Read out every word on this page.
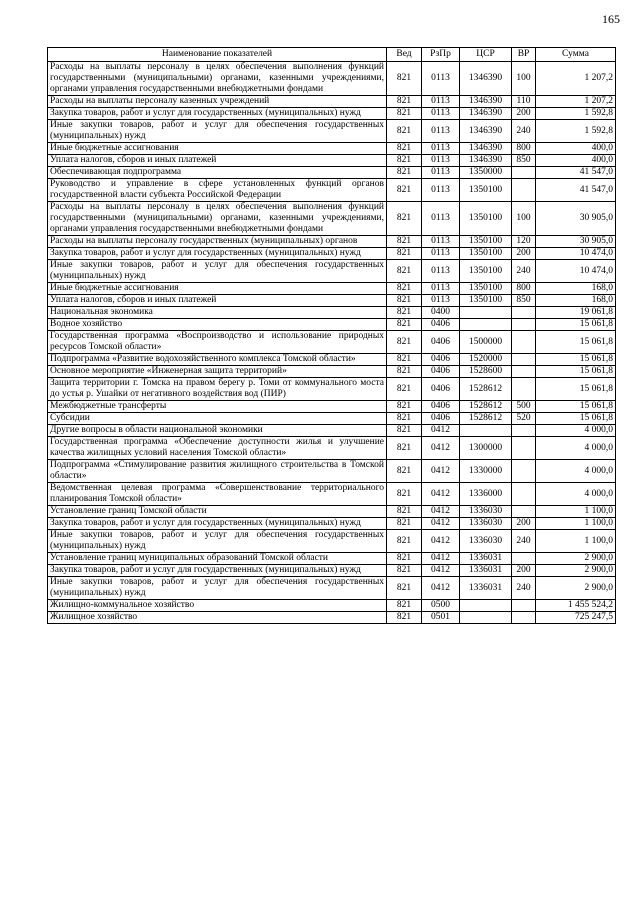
165
Наименование показателей	Вед	РзПр	ЦСР	ВР	Сумма
Расходы на выплаты персоналу в целях обеспечения выполнения функций государственными (муниципальными) органами, казенными учреждениями, органами управления государственными внебюджетными фондами	821	0113	1346390	100	1 207,2
Расходы на выплаты персоналу казенных учреждений	821	0113	1346390	110	1 207,2
Закупка товаров, работ и услуг для государственных (муниципальных) нужд	821	0113	1346390	200	1 592,8
Иные закупки товаров, работ и услуг для обеспечения государственных (муниципальных) нужд	821	0113	1346390	240	1 592,8
Иные бюджетные ассигнования	821	0113	1346390	800	400,0
Уплата налогов, сборов и иных платежей	821	0113	1346390	850	400,0
Обеспечивающая подпрограмма	821	0113	1350000		41 547,0
Руководство и управление в сфере установленных функций органов государственной власти субъекта Российской Федерации	821	0113	1350100		41 547,0
Расходы на выплаты персоналу в целях обеспечения выполнения функций государственными (муниципальными) органами, казенными учреждениями, органами управления государственными внебюджетными фондами	821	0113	1350100	100	30 905,0
Расходы на выплаты персоналу государственных (муниципальных) органов	821	0113	1350100	120	30 905,0
Закупка товаров, работ и услуг для государственных (муниципальных) нужд	821	0113	1350100	200	10 474,0
Иные закупки товаров, работ и услуг для обеспечения государственных (муниципальных) нужд	821	0113	1350100	240	10 474,0
Иные бюджетные ассигнования	821	0113	1350100	800	168,0
Уплата налогов, сборов и иных платежей	821	0113	1350100	850	168,0
Национальная экономика	821	0400			19 061,8
Водное хозяйство	821	0406			15 061,8
Государственная программа «Воспроизводство и использование природных ресурсов Томской области»	821	0406	1500000		15 061,8
Подпрограмма «Развитие водохозяйственного комплекса Томской области»	821	0406	1520000		15 061,8
Основное мероприятие «Инженерная защита территорий»	821	0406	1528600		15 061,8
Защита территории г. Томска на правом берегу р. Томи от коммунального моста до устья р. Ушайки от негативного воздействия вод (ПИР)	821	0406	1528612		15 061,8
Межбюджетные трансферты	821	0406	1528612	500	15 061,8
Субсидии	821	0406	1528612	520	15 061,8
Другие вопросы в области национальной экономики	821	0412			4 000,0
Государственная программа «Обеспечение доступности жилья и улучшение качества жилищных условий населения Томской области»	821	0412	1300000		4 000,0
Подпрограмма «Стимулирование развития жилищного строительства в Томской области»	821	0412	1330000		4 000,0
Ведомственная целевая программа «Совершенствование территориального планирования Томской области»	821	0412	1336000		4 000,0
Установление границ Томской области	821	0412	1336030		1 100,0
Закупка товаров, работ и услуг для государственных (муниципальных) нужд	821	0412	1336030	200	1 100,0
Иные закупки товаров, работ и услуг для обеспечения государственных (муниципальных) нужд	821	0412	1336030	240	1 100,0
Установление границ муниципальных образований Томской области	821	0412	1336031		2 900,0
Закупка товаров, работ и услуг для государственных (муниципальных) нужд	821	0412	1336031	200	2 900,0
Иные закупки товаров, работ и услуг для обеспечения государственных (муниципальных) нужд	821	0412	1336031	240	2 900,0
Жилищно-коммунальное хозяйство	821	0500			1 455 524,2
Жилищное хозяйство	821	0501			725 247,5
